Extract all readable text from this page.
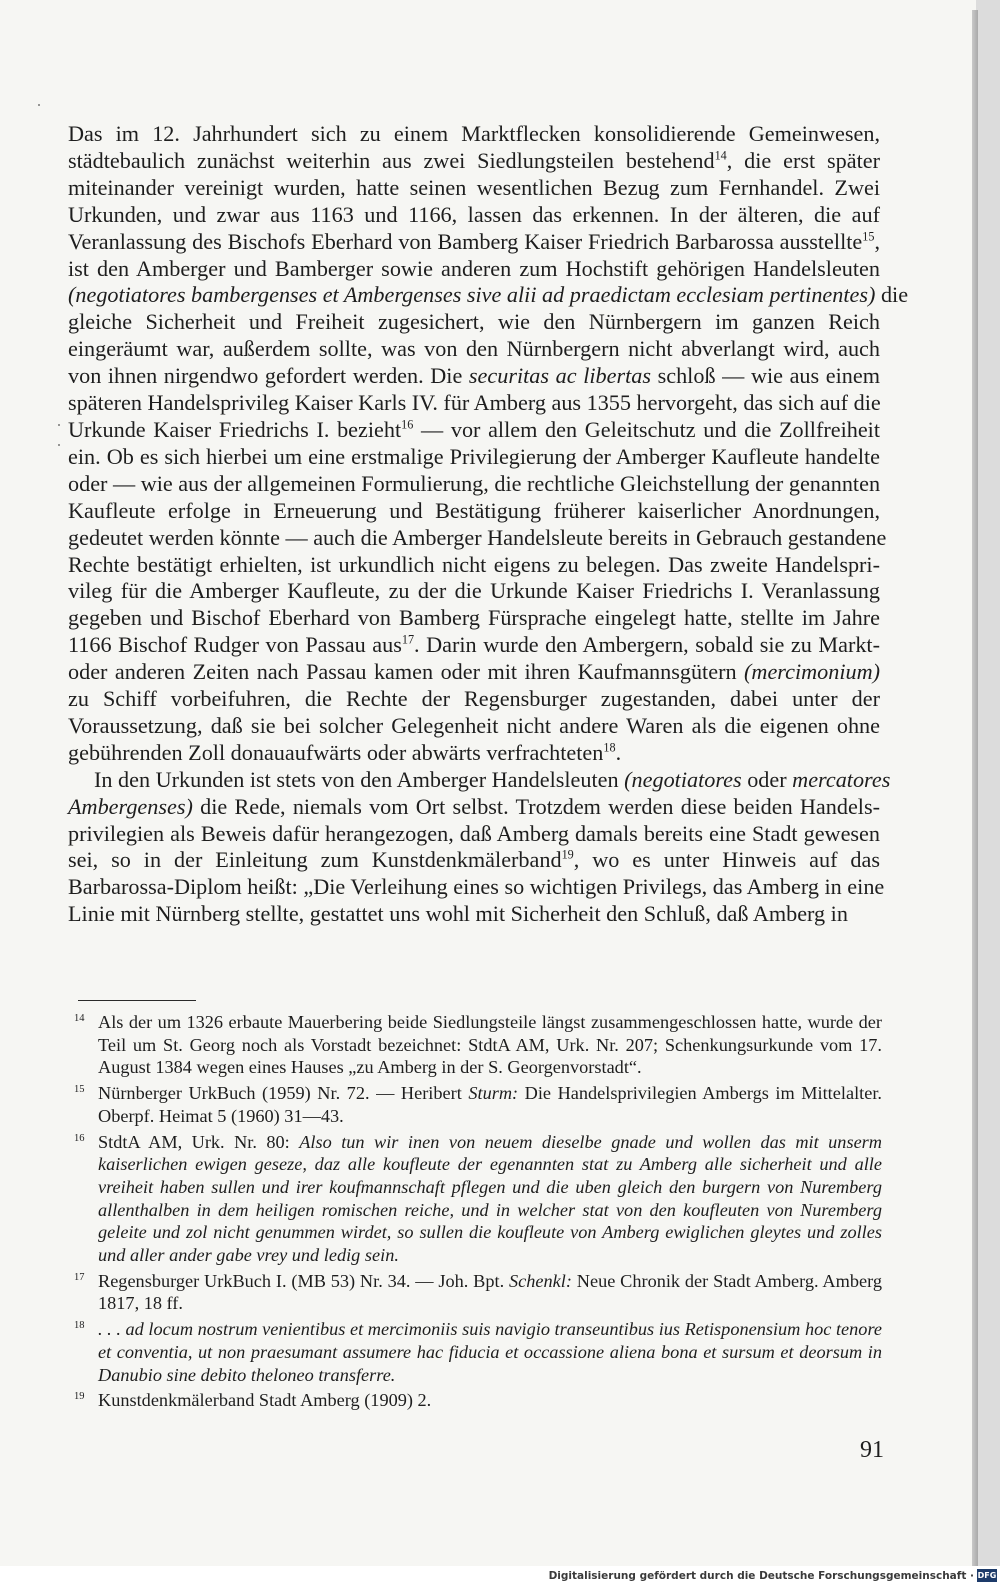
Das im 12. Jahrhundert sich zu einem Marktflecken konsolidierende Gemeinwesen,
städtebaulich zunächst weiterhin aus zwei Siedlungsteilen bestehend$^{14}$, die erst später
miteinander vereinigt wurden, hatte seinen wesentlichen Bezug zum Fernhandel. Zwei
Urkunden, und zwar aus 1163 und 1166, lassen das erkennen. In der älteren, die auf
Veranlassung des Bischofs Eberhard von Bamberg Kaiser Friedrich Barbarossa ausstellte$^{15}$,
ist den Amberger und Bamberger sowie anderen zum Hochstift gehörigen Handelsleuten
(negotiatores bambergenses et Ambergenses sive alii ad praedictam ecclesiam pertinentes) die
gleiche Sicherheit und Freiheit zugesichert, wie den Nürnbergern im ganzen Reich
eingeräumt war, außerdem sollte, was von den Nürnbergern nicht abverlangt wird, auch
von ihnen nirgendwo gefordert werden. Die securitas ac libertas schloß — wie aus einem
späteren Handelsprivileg Kaiser Karls IV. für Amberg aus 1355 hervorgeht, das sich auf die
Urkunde Kaiser Friedrichs I. bezieht$^{16}$ — vor allem den Geleitschutz und die Zollfreiheit
ein. Ob es sich hierbei um eine erstmalige Privilegierung der Amberger Kaufleute handelte
oder — wie aus der allgemeinen Formulierung, die rechtliche Gleichstellung der genannten
Kaufleute erfolge in Erneuerung und Bestätigung früherer kaiserlicher Anordnungen,
gedeutet werden könnte — auch die Amberger Handelsleute bereits in Gebrauch gestandene
Rechte bestätigt erhielten, ist urkundlich nicht eigens zu belegen. Das zweite Handelspri-
vileg für die Amberger Kaufleute, zu der die Urkunde Kaiser Friedrichs I. Veranlassung
gegeben und Bischof Eberhard von Bamberg Fürsprache eingelegt hatte, stellte im Jahre
1166 Bischof Rudger von Passau aus$^{17}$. Darin wurde den Ambergern, sobald sie zu Markt-
oder anderen Zeiten nach Passau kamen oder mit ihren Kaufmannsgütern (mercimonium)
zu Schiff vorbeifuhren, die Rechte der Regensburger zugestanden, dabei unter der
Voraussetzung, daß sie bei solcher Gelegenheit nicht andere Waren als die eigenen ohne
gebührenden Zoll donauaufwärts oder abwärts verfrachteten$^{18}$.
In den Urkunden ist stets von den Amberger Handelsleuten (negotiatores oder mercatores
Ambergenses) die Rede, niemals vom Ort selbst. Trotzdem werden diese beiden Handels-
privilegien als Beweis dafür herangezogen, daß Amberg damals bereits eine Stadt gewesen
sei, so in der Einleitung zum Kunstdenkmälerband$^{19}$, wo es unter Hinweis auf das
Barbarossa-Diplom heißt: „Die Verleihung eines so wichtigen Privilegs, das Amberg in eine
Linie mit Nürnberg stellte, gestattet uns wohl mit Sicherheit den Schluß, daß Amberg in
14 Als der um 1326 erbaute Mauerbering beide Siedlungsteile längst zusammengeschlossen hatte, wurde der Teil um St. Georg noch als Vorstadt bezeichnet: StdtA AM, Urk. Nr. 207; Schenkungsurkunde vom 17. August 1384 wegen eines Hauses „zu Amberg in der S. Georgenvorstadt“.
15 Nürnberger UrkBuch (1959) Nr. 72. — Heribert Sturm: Die Handelsprivilegien Ambergs im Mittelalter. Oberpf. Heimat 5 (1960) 31—43.
16 StdtA AM, Urk. Nr. 80: Also tun wir inen von neuem dieselbe gnade und wollen das mit unserm kaiserlichen ewigen geseze, daz alle koufleute der egenannten stat zu Amberg alle sicherheit und alle vreiheit haben sullen und irer koufmannschaft pflegen und die uben gleich den burgern von Nuremberg allenthalben in dem heiligen romischen reiche, und in welcher stat von den koufleuten von Nuremberg geleite und zol nicht genummen wirdet, so sullen die koufleute von Amberg ewiglichen gleytes und zolles und aller ander gabe vrey und ledig sein.
17 Regensburger UrkBuch I. (MB 53) Nr. 34. — Joh. Bpt. Schenkl: Neue Chronik der Stadt Amberg. Amberg 1817, 18 ff.
18 . . . ad locum nostrum venientibus et mercimoniis suis navigio transeuntibus ius Retisponensium hoc tenore et conventia, ut non praesumant assumere hac fiducia et occassione aliena bona et sursum et deorsum in Danubio sine debito theloneo transferre.
19 Kunstdenkmälerband Stadt Amberg (1909) 2.
91
Digitalisierung gefördert durch die Deutsche Forschungsgemeinschaft · DFG
